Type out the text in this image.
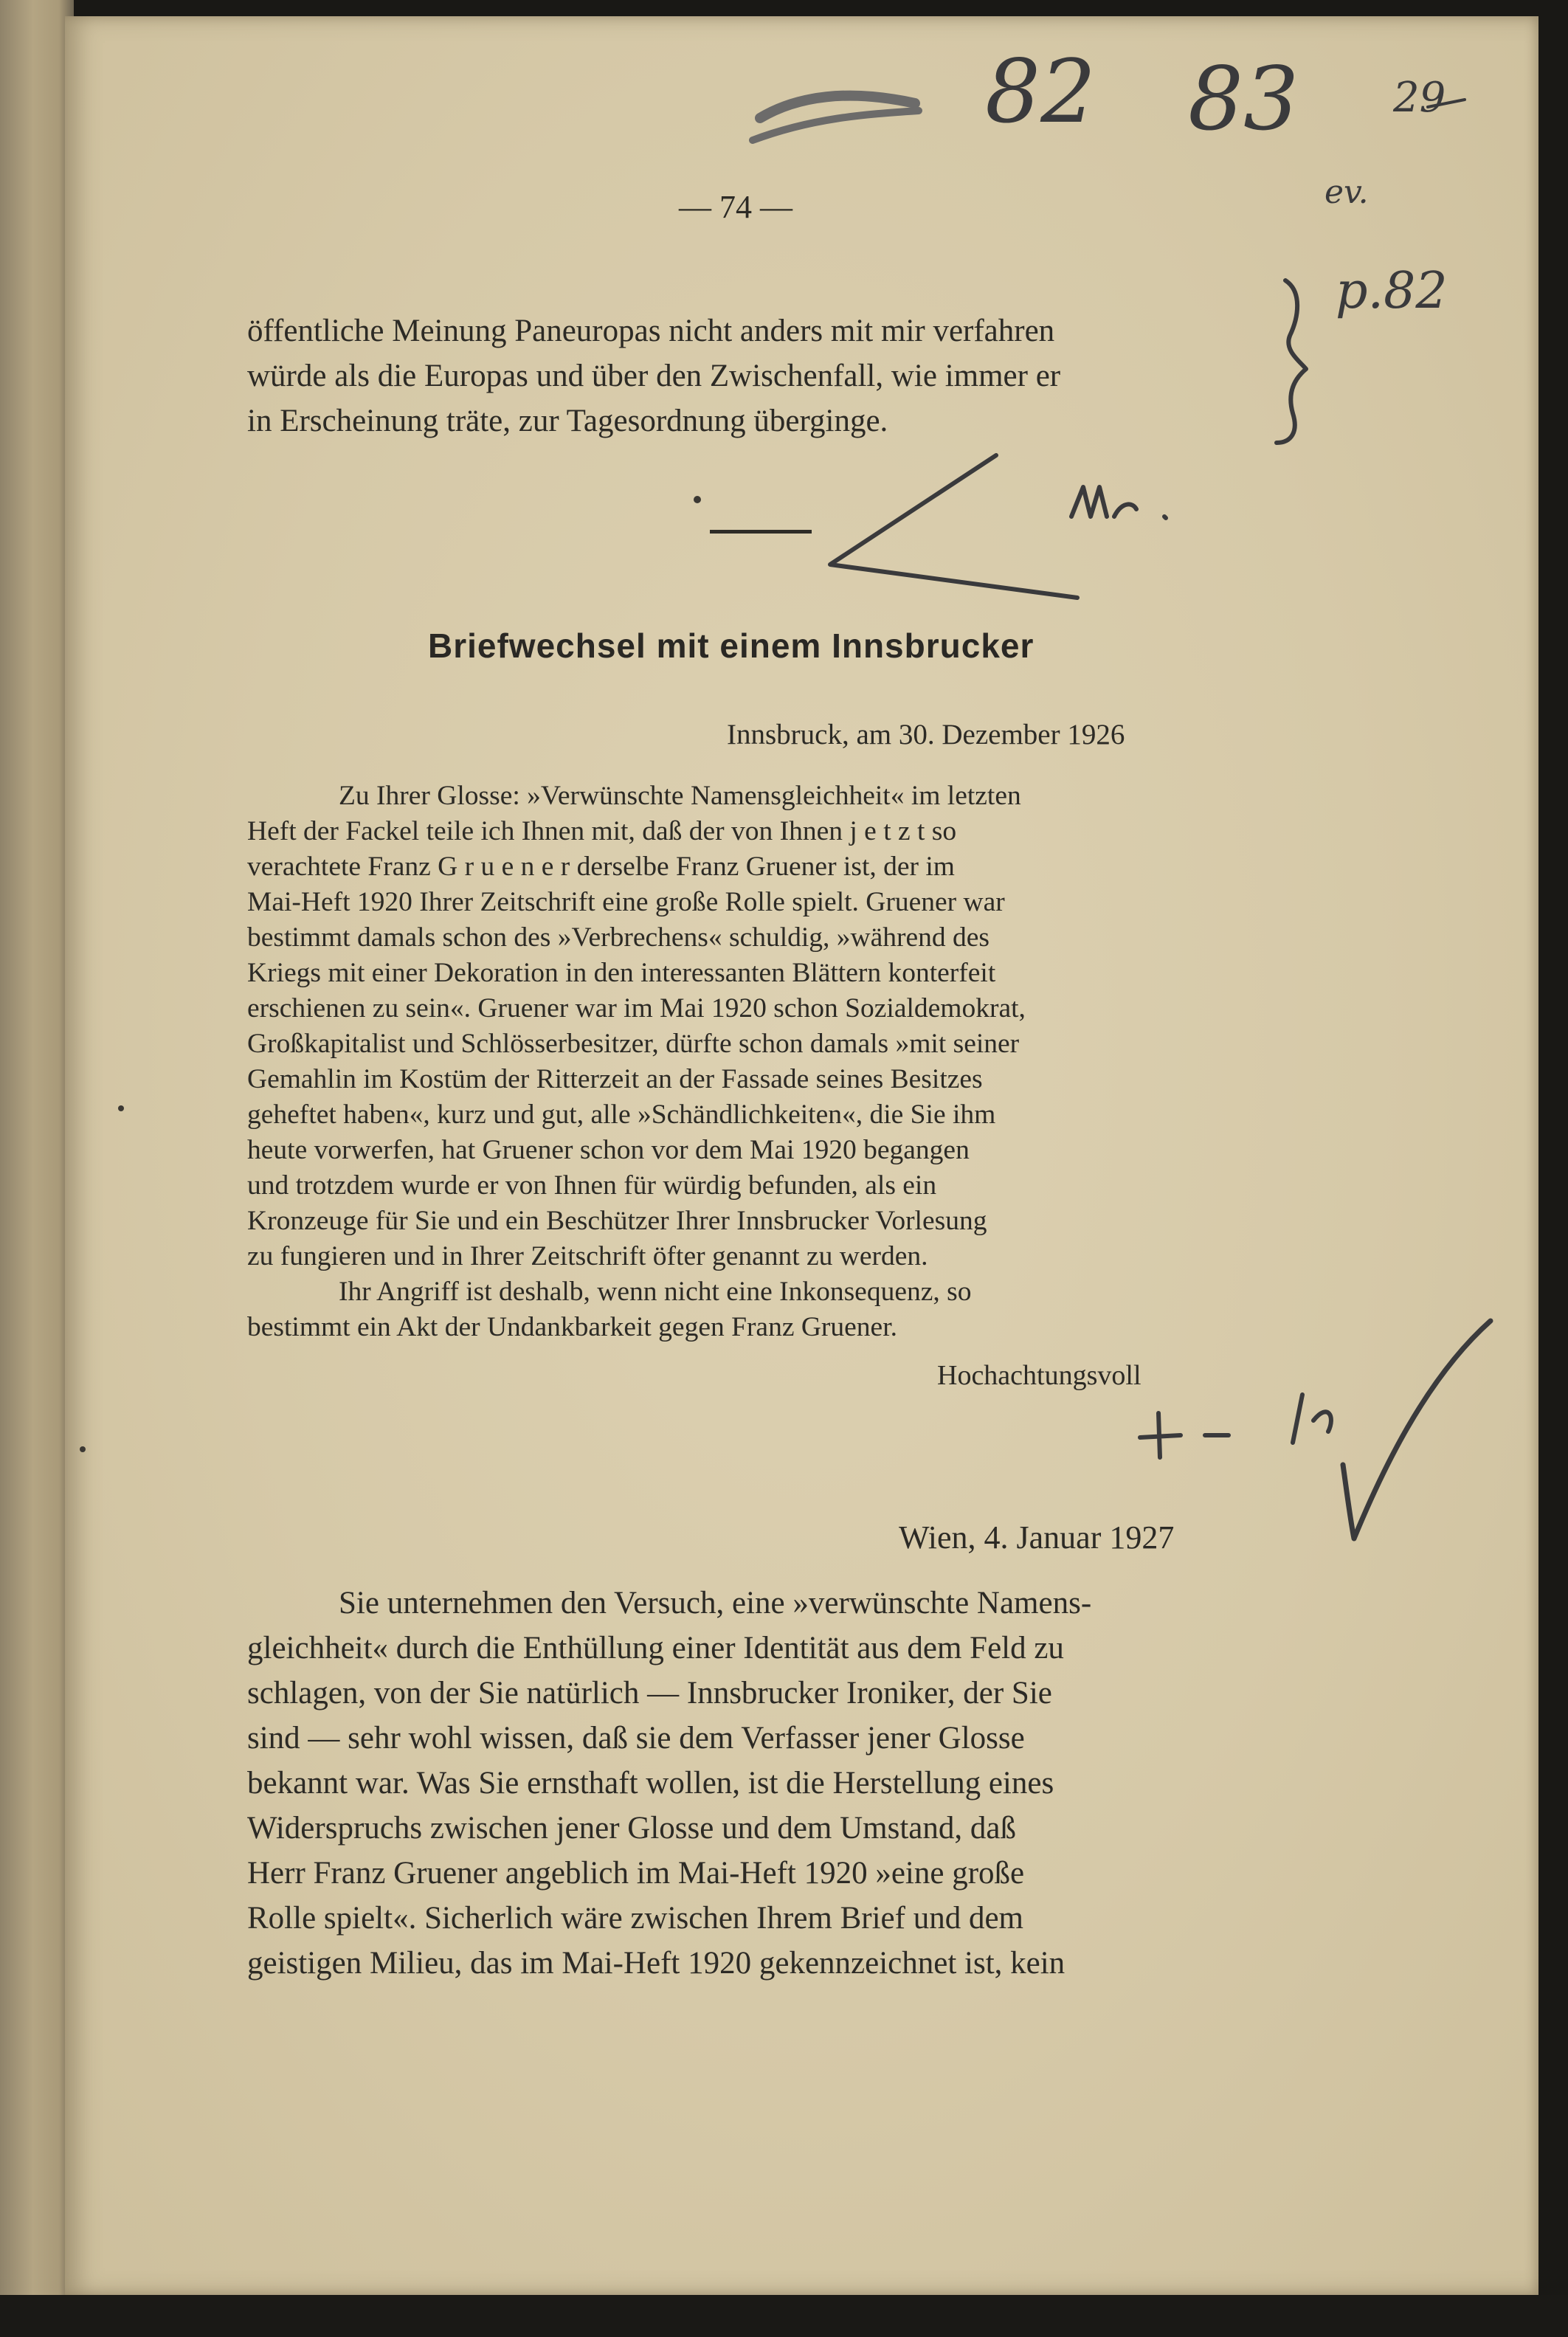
— 74 —

öffentliche Meinung Paneuropas nicht anders mit mir verfahren

würde als die Europas und über den Zwischenfall, wie immer er

in Erscheinung träte, zur Tagesordnung überginge.

Briefwechsel mit einem Innsbrucker
Innsbruck, am 30. Dezember 1926

Zu Ihrer Glosse: »Verwünschte Namensgleichheit« im letzten

Heft der Fackel teile ich Ihnen mit, daß der von Ihnen j e t z t so

verachtete Franz G r u e n e r derselbe Franz Gruener ist, der im

Mai-Heft 1920 Ihrer Zeitschrift eine große Rolle spielt. Gruener war

bestimmt damals schon des »Verbrechens« schuldig, »während des

Kriegs mit einer Dekoration in den interessanten Blättern konterfeit

erschienen zu sein«. Gruener war im Mai 1920 schon Sozialdemokrat,

Großkapitalist und Schlösserbesitzer, dürfte schon damals »mit seiner

Gemahlin im Kostüm der Ritterzeit an der Fassade seines Besitzes

geheftet haben«, kurz und gut, alle »Schändlichkeiten«, die Sie ihm

heute vorwerfen, hat Gruener schon vor dem Mai 1920 begangen

und trotzdem wurde er von Ihnen für würdig befunden, als ein

Kronzeuge für Sie und ein Beschützer Ihrer Innsbrucker Vorlesung

zu fungieren und in Ihrer Zeitschrift öfter genannt zu werden.

Ihr Angriff ist deshalb, wenn nicht eine Inkonsequenz, so

bestimmt ein Akt der Undankbarkeit gegen Franz Gruener.

Hochachtungsvoll
Wien, 4. Januar 1927

Sie unternehmen den Versuch, eine »verwünschte Namens-

gleichheit« durch die Enthüllung einer Identität aus dem Feld zu

schlagen, von der Sie natürlich — Innsbrucker Ironiker, der Sie

sind — sehr wohl wissen, daß sie dem Verfasser jener Glosse

bekannt war. Was Sie ernsthaft wollen, ist die Herstellung eines

Widerspruchs zwischen jener Glosse und dem Umstand, daß

Herr Franz Gruener angeblich im Mai-Heft 1920 »eine große

Rolle spielt«. Sicherlich wäre zwischen Ihrem Brief und dem

geistigen Milieu, das im Mai-Heft 1920 gekennzeichnet ist, kein

82 83 29
ev.
p.82
